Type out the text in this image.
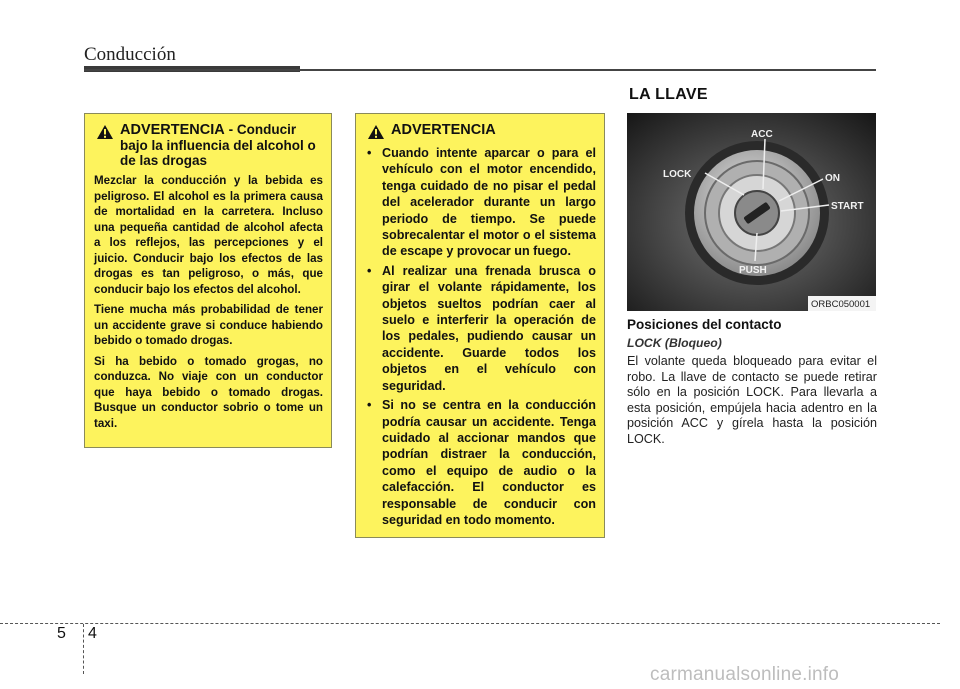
Conducción
LA LLAVE
ADVERTENCIA - Conducir bajo la influencia del alcohol o de las drogas

Mezclar la conducción y la bebida es peligroso. El alcohol es la primera causa de mortalidad en la carretera. Incluso una pequeña cantidad de alcohol afecta a los reflejos, las percepciones y el juicio. Conducir bajo los efectos de las drogas es tan peligroso, o más, que conducir bajo los efectos del alcohol.

Tiene mucha más probabilidad de tener un accidente grave si conduce habiendo bebido o tomado drogas.

Si ha bebido o tomado grogas, no conduzca. No viaje con un conductor que haya bebido o tomado drogas. Busque un conductor sobrio o tome un taxi.

ADVERTENCIA
• Cuando intente aparcar o para el vehículo con el motor encendido, tenga cuidado de no pisar el pedal del acelerador durante un largo periodo de tiempo. Se puede sobrecalentar el motor o el sistema de escape y provocar un fuego.
• Al realizar una frenada brusca o girar el volante rápidamente, los objetos sueltos podrían caer al suelo e interferir la operación de los pedales, pudiendo causar un accidente. Guarde todos los objetos en el vehículo con seguridad.
• Si no se centra en la conducción podría causar un accidente. Tenga cuidado al accionar mandos que podrían distraer la conducción, como el equipo de audio o la calefacción. El conductor es responsable de conducir con seguridad en todo momento.
ACC
LOCK	ON
START
PUSH
ORBC050001
Posiciones del contacto
LOCK (Bloqueo)
El volante queda bloqueado para evitar el robo. La llave de contacto se puede retirar sólo en la posición LOCK. Para llevarla a esta posición, empújela hacia adentro en la posición ACC y gírela hasta la posición LOCK.
5 4
carmanualsonline.info
